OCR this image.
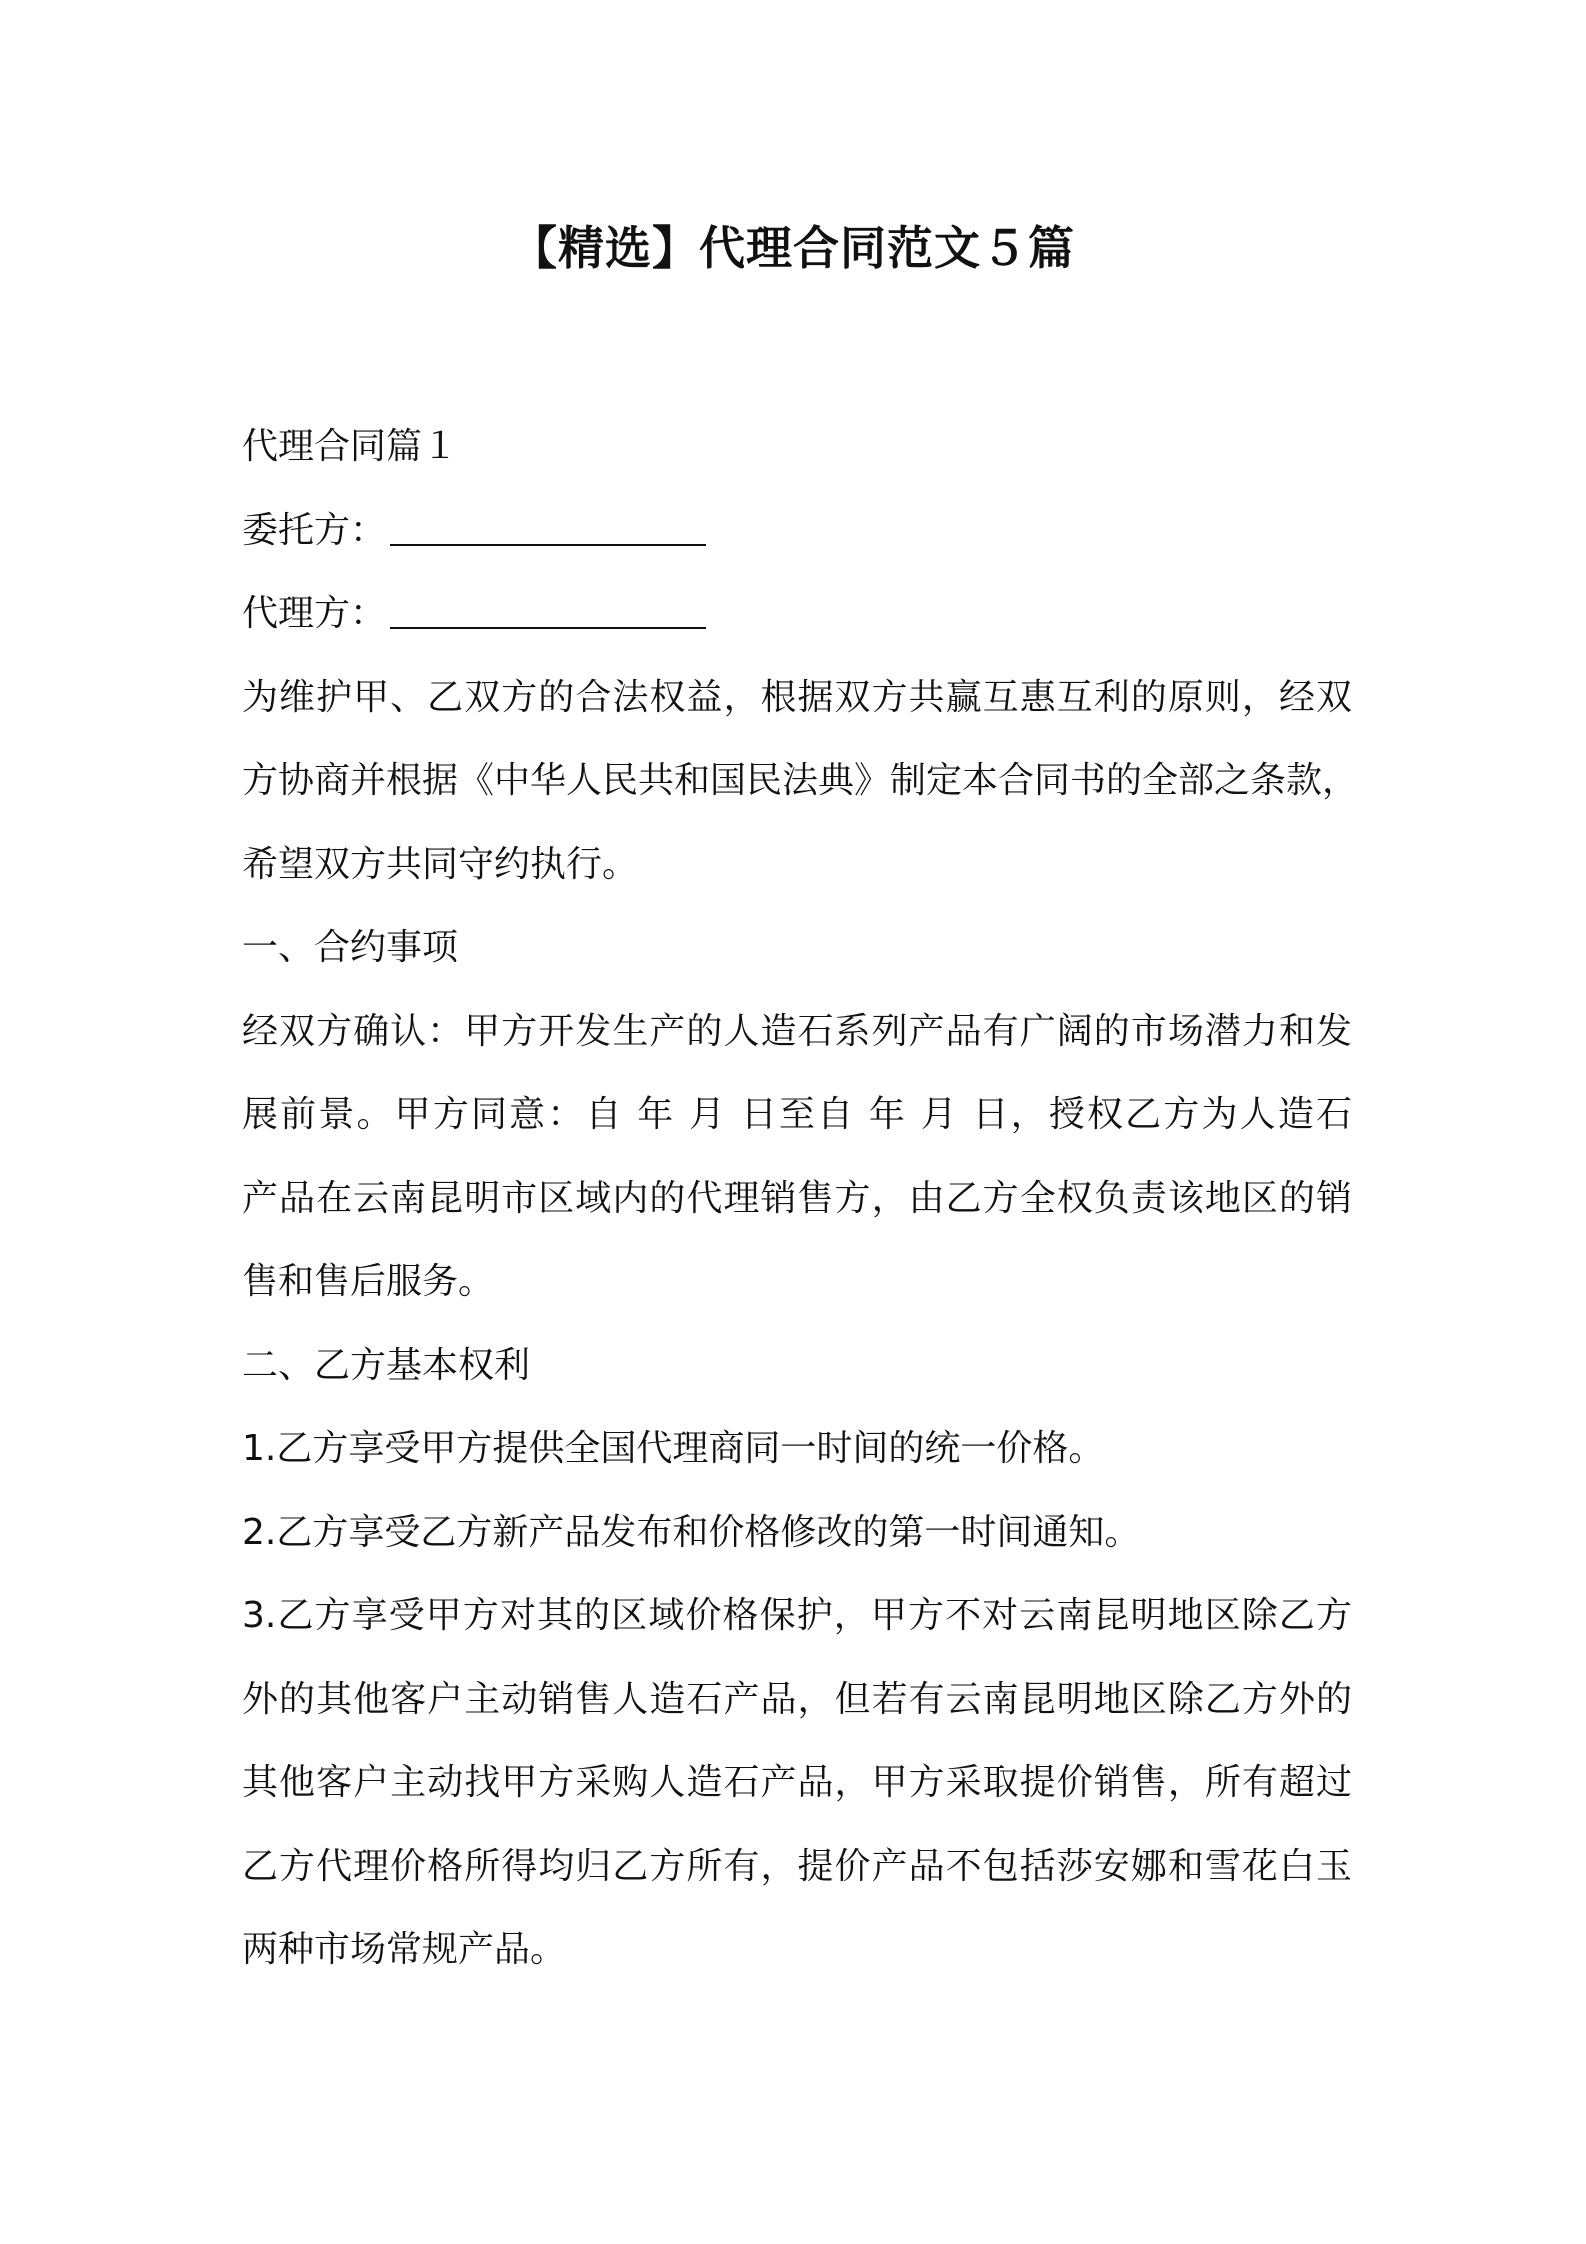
【精选】代理合同范文５篇
代理合同篇１
委托方：
代理方：
为维护甲、乙双方的合法权益，根据双方共赢互惠互利的原则，经双
方协商并根据《中华人民共和国民法典》制定本合同书的全部之条款，
希望双方共同守约执行。
一、合约事项
经双方确认：甲方开发生产的人造石系列产品有广阔的市场潜力和发
展前景。甲方同意：自 年 月 日至自 年 月 日，授权乙方为人造石
产品在云南昆明市区域内的代理销售方，由乙方全权负责该地区的销
售和售后服务。
二、乙方基本权利
1.乙方享受甲方提供全国代理商同一时间的统一价格。
2.乙方享受乙方新产品发布和价格修改的第一时间通知。
3.乙方享受甲方对其的区域价格保护，甲方不对云南昆明地区除乙方
外的其他客户主动销售人造石产品，但若有云南昆明地区除乙方外的
其他客户主动找甲方采购人造石产品，甲方采取提价销售，所有超过
乙方代理价格所得均归乙方所有，提价产品不包括莎安娜和雪花白玉
两种市场常规产品。
